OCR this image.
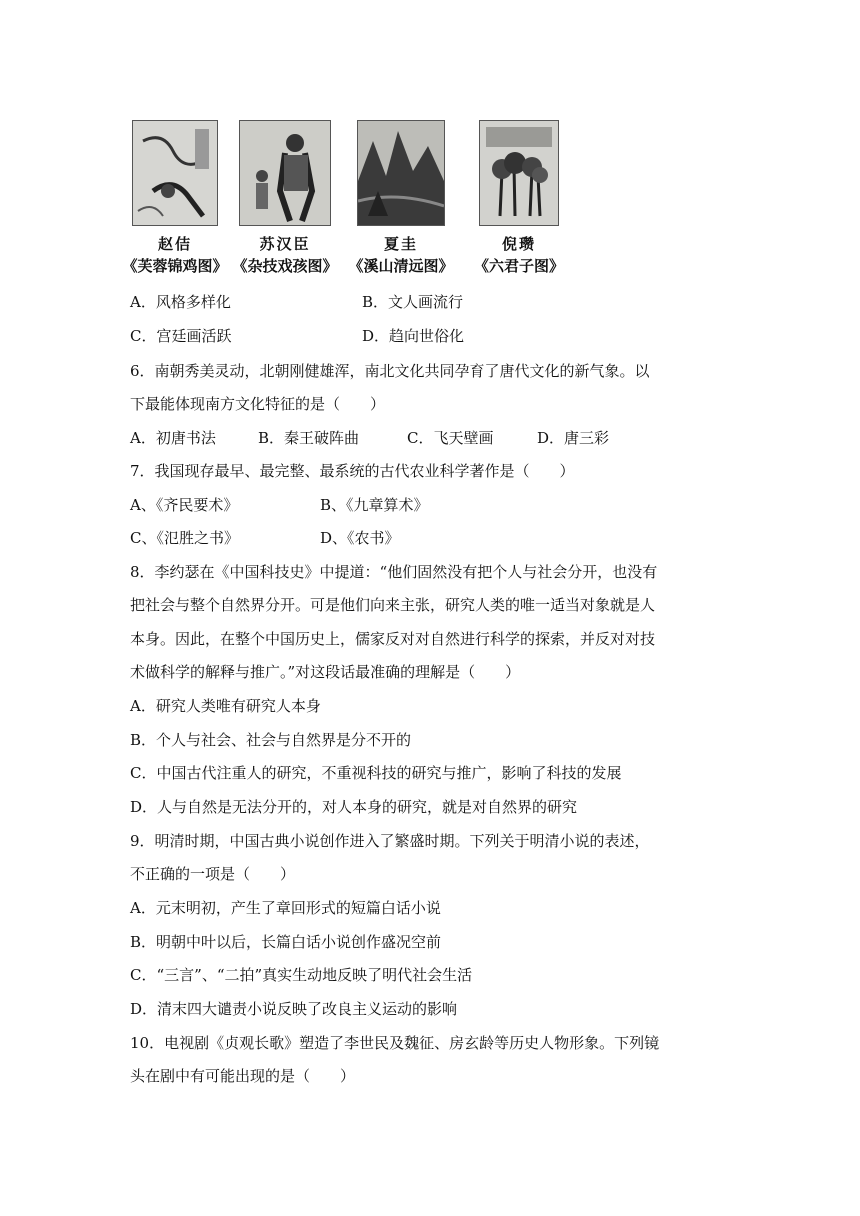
赵佶
《芙蓉锦鸡图》
苏汉臣
《杂技戏孩图》
夏圭
《溪山清远图》
倪瓒
《六君子图》
A．风格多样化	B．文人画流行
C．宫廷画活跃	D．趋向世俗化
6．南朝秀美灵动，北朝刚健雄浑，南北文化共同孕育了唐代文化的新气象。以
下最能体现南方文化特征的是（　　）
A．初唐书法	B．秦王破阵曲	C．飞天壁画	D．唐三彩
7．我国现存最早、最完整、最系统的古代农业科学著作是（　　）
A、《齐民要术》	B、《九章算术》
C、《氾胜之书》	D、《农书》
8．李约瑟在《中国科技史》中提道：“他们固然没有把个人与社会分开，也没有
把社会与整个自然界分开。可是他们向来主张，研究人类的唯一适当对象就是人
本身。因此，在整个中国历史上，儒家反对对自然进行科学的探索，并反对对技
术做科学的解释与推广。”对这段话最准确的理解是（　　）
A．研究人类唯有研究人本身
B．个人与社会、社会与自然界是分不开的
C．中国古代注重人的研究，不重视科技的研究与推广，影响了科技的发展
D．人与自然是无法分开的，对人本身的研究，就是对自然界的研究
9．明清时期，中国古典小说创作进入了繁盛时期。下列关于明清小说的表述，
不正确的一项是（　　）
A．元末明初，产生了章回形式的短篇白话小说
B．明朝中叶以后，长篇白话小说创作盛况空前
C．“三言”、“二拍”真实生动地反映了明代社会生活
D．清末四大谴责小说反映了改良主义运动的影响
10．电视剧《贞观长歌》塑造了李世民及魏征、房玄龄等历史人物形象。下列镜
头在剧中有可能出现的是（　　）
